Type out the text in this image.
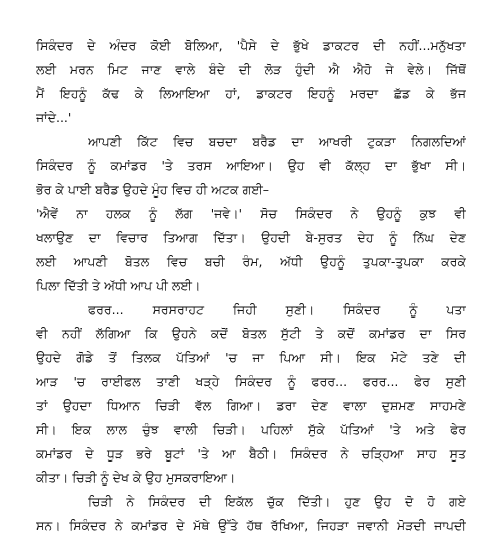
ਸਿਕੰਦਰ ਦੇ ਅੰਦਰ ਕੋਈ ਬੋਲਿਆ, 'ਪੈਸੇ ਦੇ ਭੁੱਖੇ ਡਾਕਟਰ ਦੀ ਨਹੀਂ...ਮਨੁੱਖਤਾ
ਲਈ ਮਰਨ ਮਿਟ ਜਾਣ ਵਾਲੇ ਬੰਦੇ ਦੀ ਲੋੜ ਹੁੰਦੀ ਐ ਐਹੋ ਜੇ ਵੇਲੇ। ਜਿੱਥੋਂ
ਮੈਂ ਇਹਨੂੰ ਕੱਢ ਕੇ ਲਿਆਇਆ ਹਾਂ, ਡਾਕਟਰ ਇਹਨੂੰ ਮਰਦਾ ਛੱਡ ਕੇ ਭੱਜ
ਜਾਂਦੇ...'
ਆਪਣੀ ਕਿੱਟ ਵਿਚ ਬਚਦਾ ਬਰੈਡ ਦਾ ਆਖਰੀ ਟੁਕੜਾ ਨਿਗਲਦਿਆਂ
ਸਿਕੰਦਰ ਨੂੰ ਕਮਾਂਡਰ 'ਤੇ ਤਰਸ ਆਇਆ। ਉਹ ਵੀ ਕੱਲ੍ਹ ਦਾ ਭੁੱਖਾ ਸੀ।
ਭੋਰ ਕੇ ਪਾਈ ਬਰੈਡ ਉਹਦੇ ਮੂੰਹ ਵਿਚ ਹੀ ਅਟਕ ਗਈ–
'ਐਵੇਂ ਨਾ ਹਲਕ ਨੂੰ ਲੱਗ 'ਜਵੇ।' ਸੋਚ ਸਿਕੰਦਰ ਨੇ ਉਹਨੂੰ ਕੁਝ ਵੀ
ਖਲਾਉਣ ਦਾ ਵਿਚਾਰ ਤਿਆਗ ਦਿੱਤਾ। ਉਹਦੀ ਬੇ-ਸੁਰਤ ਦੇਹ ਨੂੰ ਨਿੱਘ ਦੇਣ
ਲਈ ਆਪਣੀ ਬੋਤਲ ਵਿਚ ਬਚੀ ਰੰਮ, ਅੱਧੀ ਉਹਨੂੰ ਤੁਪਕਾ-ਤੁਪਕਾ ਕਰਕੇ
ਪਿਲਾ ਦਿੱਤੀ ਤੇ ਅੱਧੀ ਆਪ ਪੀ ਲਈ।
ਫਰਰ... ਸਰਸਰਾਹਟ ਜਿਹੀ ਸੁਣੀ। ਸਿਕੰਦਰ ਨੂੰ ਪਤਾ
ਵੀ ਨਹੀਂ ਲੱਗਿਆ ਕਿ ਉਹਨੇ ਕਦੋਂ ਬੋਤਲ ਸੁੱਟੀ ਤੇ ਕਦੋਂ ਕਮਾਂਡਰ ਦਾ ਸਿਰ
ਉਹਦੇ ਗੋਡੇ ਤੋਂ ਤਿਲਕ ਪੱਤਿਆਂ 'ਚ ਜਾ ਪਿਆ ਸੀ। ਇਕ ਮੋਟੇ ਤਣੇ ਦੀ
ਆੜ 'ਚ ਰਾਈਫਲ ਤਾਣੀ ਖੜ੍ਹੇ ਸਿਕੰਦਰ ਨੂੰ ਫਰਰ... ਫਰਰ... ਫੇਰ ਸੁਣੀ
ਤਾਂ ਉਹਦਾ ਧਿਆਨ ਚਿੜੀ ਵੱਲ ਗਿਆ। ਡਰਾ ਦੇਣ ਵਾਲਾ ਦੁਸ਼ਮਣ ਸਾਹਮਣੇ
ਸੀ। ਇਕ ਲਾਲ ਚੁੰਝ ਵਾਲੀ ਚਿੜੀ। ਪਹਿਲਾਂ ਸੁੱਕੇ ਪੱਤਿਆਂ 'ਤੇ ਅਤੇ ਫੇਰ
ਕਮਾਂਡਰ ਦੇ ਧੂੜ ਭਰੇ ਬੂਟਾਂ 'ਤੇ ਆ ਬੈਠੀ। ਸਿਕੰਦਰ ਨੇ ਚੜ੍ਹਿਆ ਸਾਹ ਸੂਤ
ਕੀਤਾ। ਚਿੜੀ ਨੂੰ ਦੇਖ ਕੇ ਉਹ ਮੁਸਕਰਾਇਆ।
ਚਿੜੀ ਨੇ ਸਿਕੰਦਰ ਦੀ ਇਕੱਲ ਚੁੱਕ ਦਿੱਤੀ। ਹੁਣ ਉਹ ਦੋ ਹੋ ਗਏ
ਸਨ। ਸਿਕੰਦਰ ਨੇ ਕਮਾਂਡਰ ਦੇ ਮੱਥੇ ਉੱਤੇ ਹੱਥ ਰੱਖਿਆ, ਜਿਹੜਾ ਜਵਾਨੀ ਮੋੜਦੀ ਜਾਪਦੀ
